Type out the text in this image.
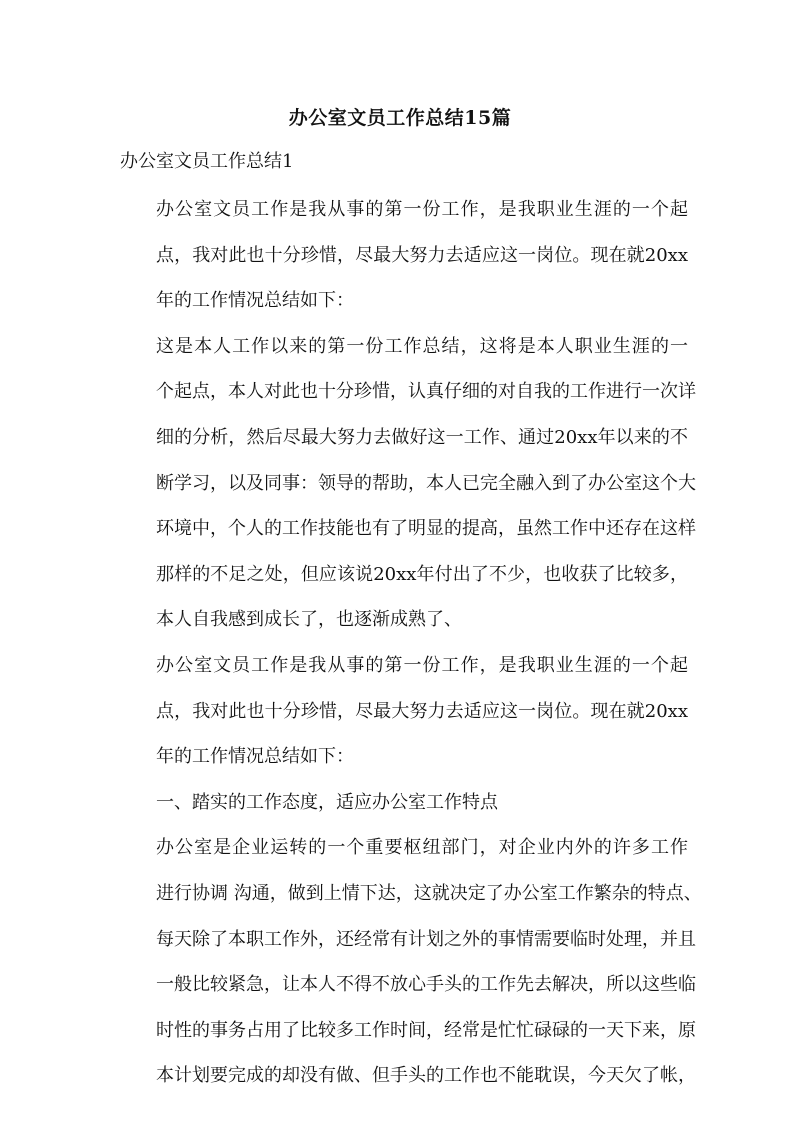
办公室文员工作总结15篇
办公室文员工作总结1

办公室文员工作是我从事的第一份工作，是我职业生涯的一个起
点，我对此也十分珍惜，尽最大努力去适应这一岗位。现在就20xx
年的工作情况总结如下：

这是本人工作以来的第一份工作总结，这将是本人职业生涯的一
个起点，本人对此也十分珍惜，认真仔细的对自我的工作进行一次详
细的分析，然后尽最大努力去做好这一工作、通过20xx年以来的不
断学习，以及同事：领导的帮助，本人已完全融入到了办公室这个大
环境中，个人的工作技能也有了明显的提高，虽然工作中还存在这样
那样的不足之处，但应该说20xx年付出了不少，也收获了比较多，
本人自我感到成长了，也逐渐成熟了、

办公室文员工作是我从事的第一份工作，是我职业生涯的一个起
点，我对此也十分珍惜，尽最大努力去适应这一岗位。现在就20xx
年的工作情况总结如下：

一、踏实的工作态度，适应办公室工作特点

办公室是企业运转的一个重要枢纽部门，对企业内外的许多工作
进行协调 沟通，做到上情下达，这就决定了办公室工作繁杂的特点、
每天除了本职工作外，还经常有计划之外的事情需要临时处理，并且
一般比较紧急，让本人不得不放心手头的工作先去解决，所以这些临
时性的事务占用了比较多工作时间，经常是忙忙碌碌的一天下来，原
本计划要完成的却没有做、但手头的工作也不能耽误，今天欠了帐，
